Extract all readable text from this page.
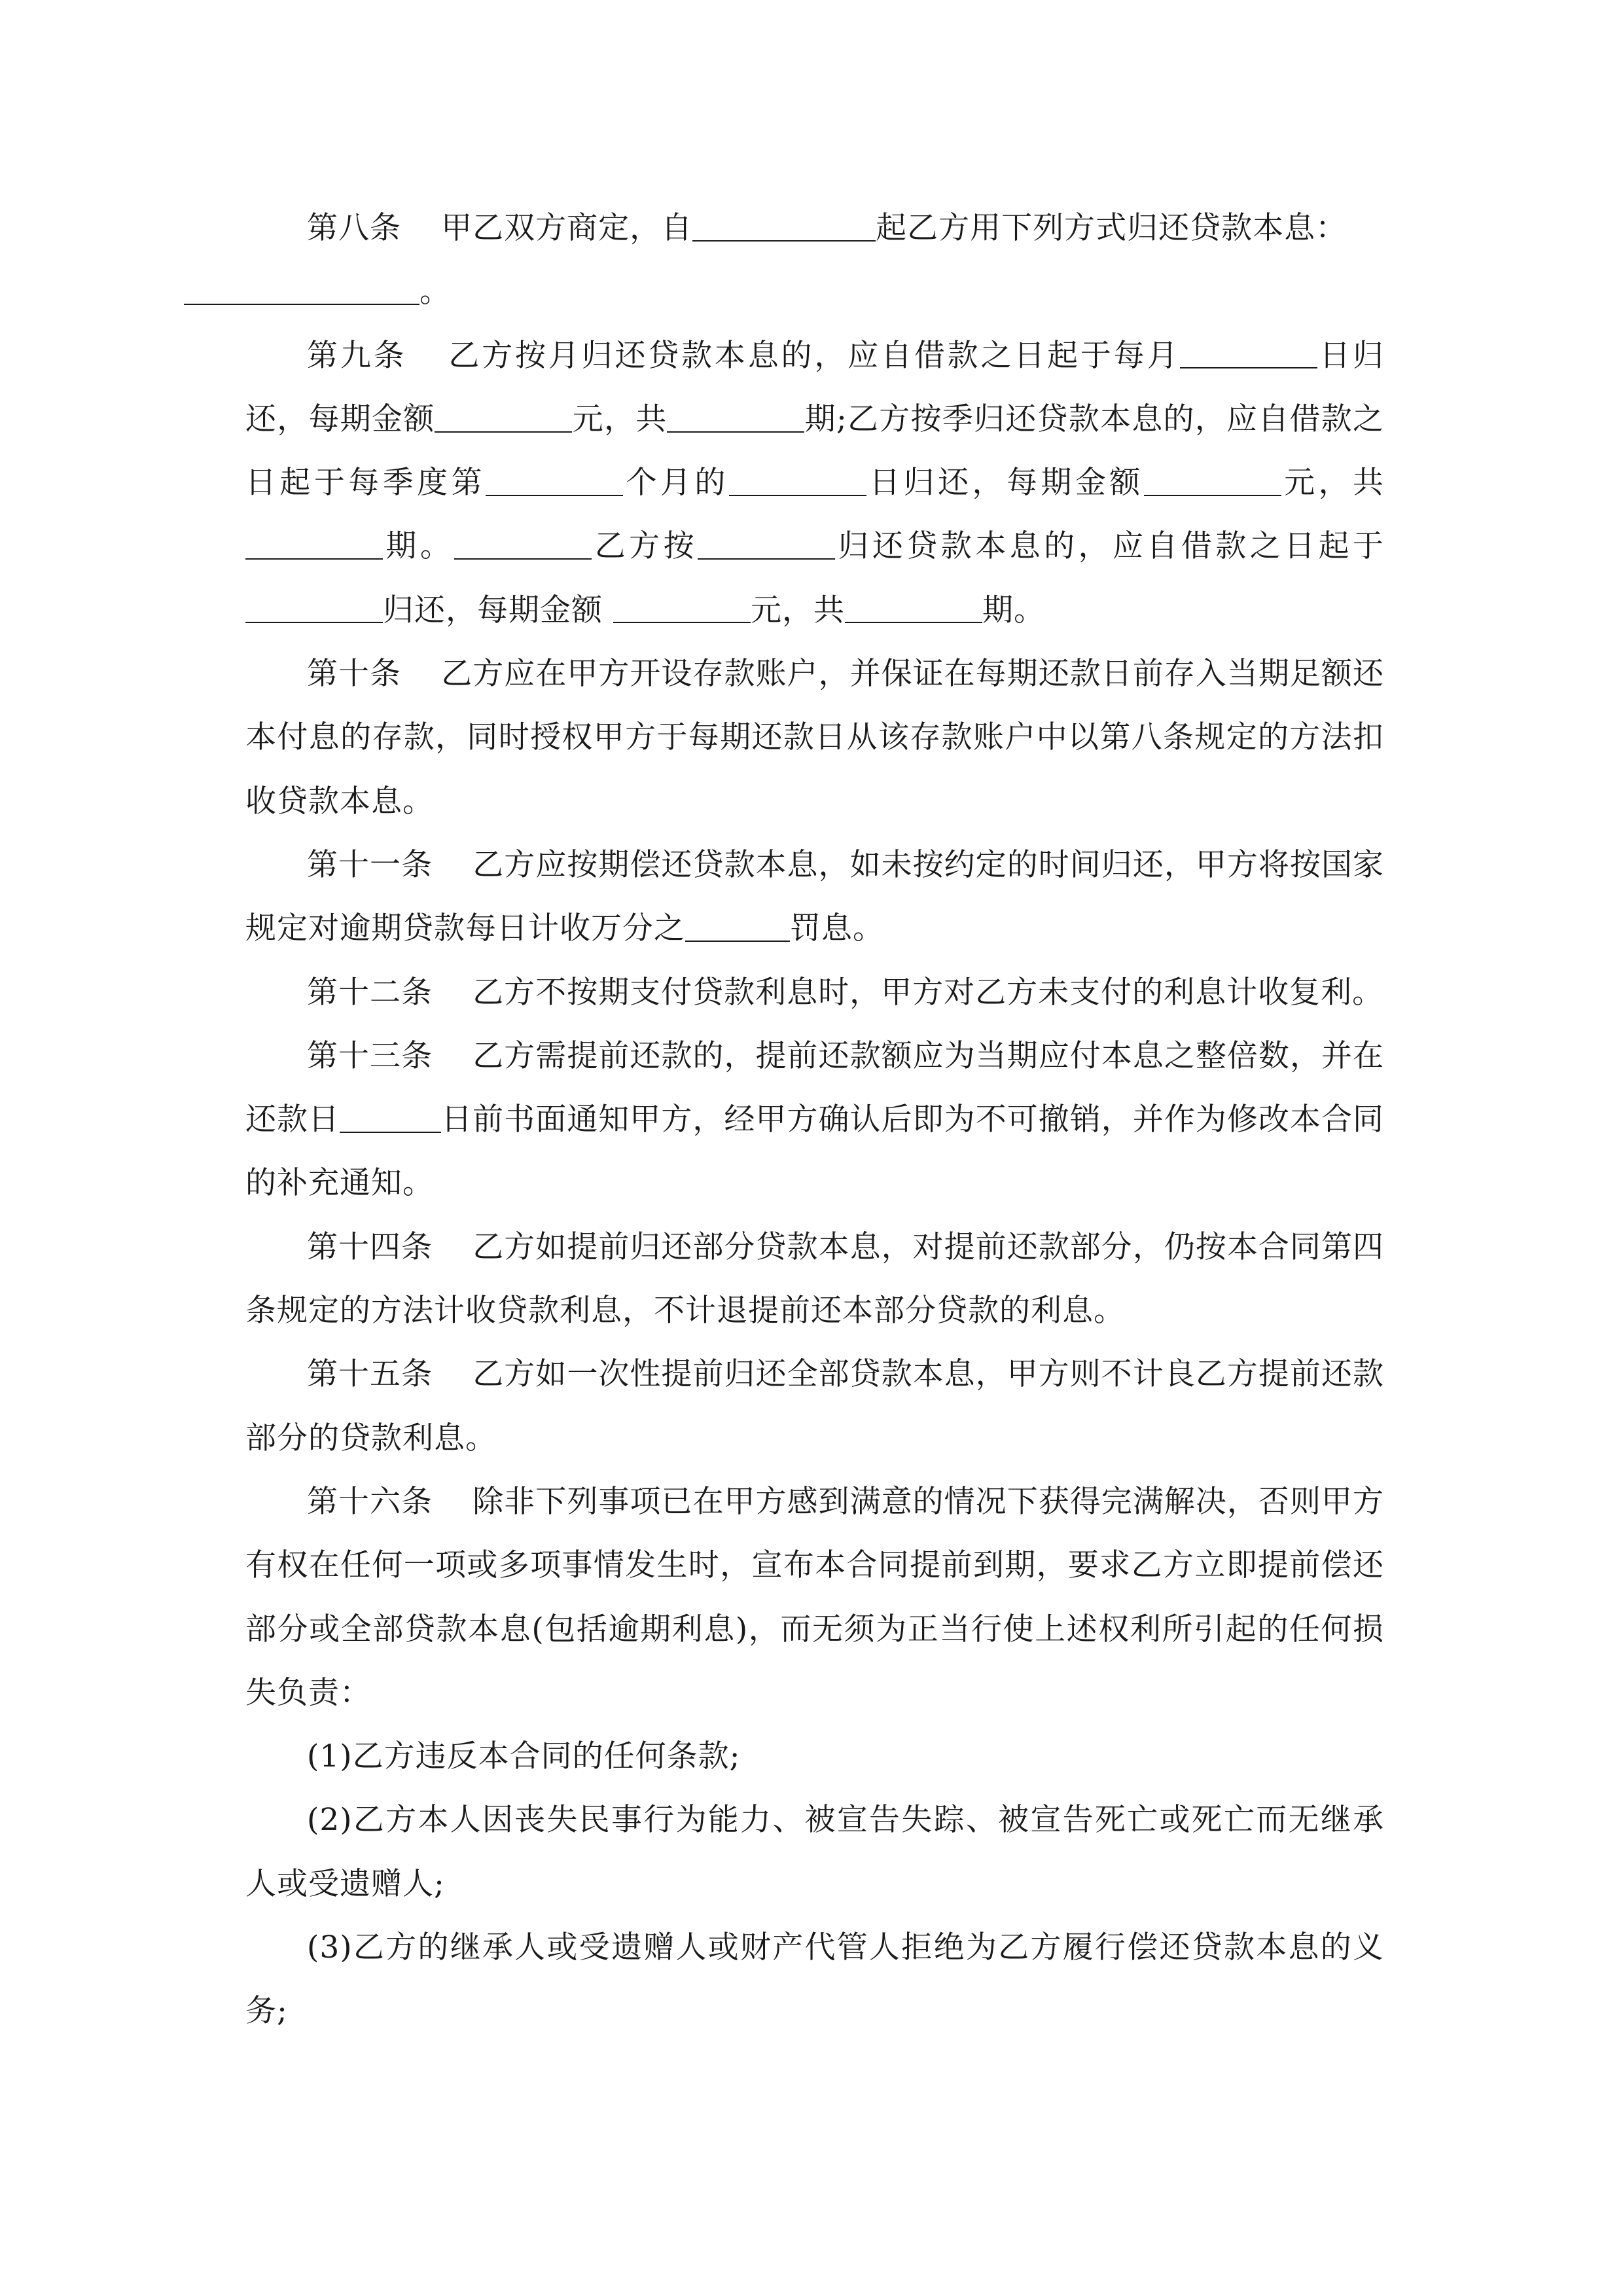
第八条 甲乙双方商定，自	起乙方用下列方式归还贷款本息：
。

第九条 乙方按月归还贷款本息的，应自借款之日起于每月	日归还，每期金额	元，共	期;乙方按季归还贷款本息的，应自借款之日起于每季度第	个月的	日归还，每期金额	元，共 期。	乙方按	归还贷款本息的，应自借款之日起于归还，每期金额	元，共	期。

第十条 乙方应在甲方开设存款账户，并保证在每期还款日前存入当期足额还本付息的存款，同时授权甲方于每期还款日从该存款账户中以第八条规定的方法扣收贷款本息。

第十一条 乙方应按期偿还贷款本息，如未按约定的时间归还，甲方将按国家规定对逾期贷款每日计收万分之	罚息。

第十二条 乙方不按期支付贷款利息时，甲方对乙方未支付的利息计收复利。

第十三条 乙方需提前还款的，提前还款额应为当期应付本息之整倍数，并在还款日	日前书面通知甲方，经甲方确认后即为不可撤销，并作为修改本合同的补充通知。

第十四条 乙方如提前归还部分贷款本息，对提前还款部分，仍按本合同第四条规定的方法计收贷款利息，不计退提前还本部分贷款的利息。

第十五条 乙方如一次性提前归还全部贷款本息，甲方则不计良乙方提前还款部分的贷款利息。

第十六条 除非下列事项已在甲方感到满意的情况下获得完满解决，否则甲方有权在任何一项或多项事情发生时，宣布本合同提前到期，要求乙方立即提前偿还部分或全部贷款本息(包括逾期利息)，而无须为正当行使上述权利所引起的任何损失负责：

(1)乙方违反本合同的任何条款;

(2)乙方本人因丧失民事行为能力、被宣告失踪、被宣告死亡或死亡而无继承人或受遗赠人;

(3)乙方的继承人或受遗赠人或财产代管人拒绝为乙方履行偿还贷款本息的义务;
